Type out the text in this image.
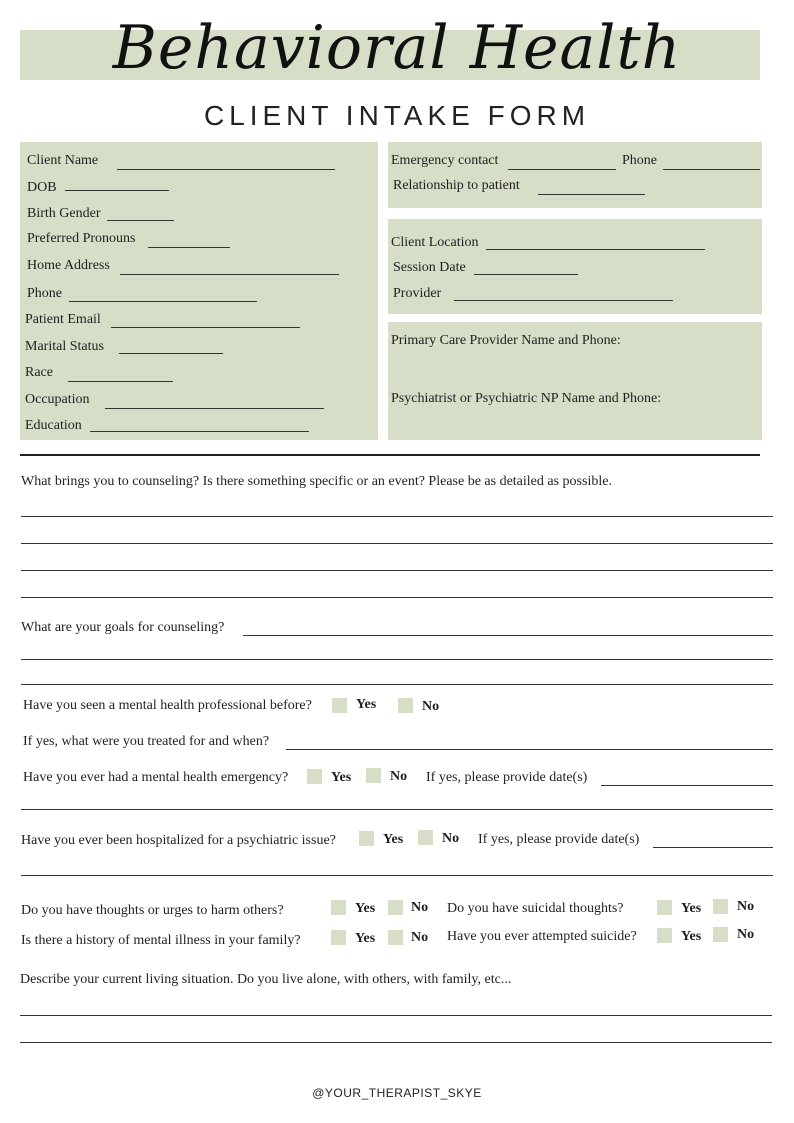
Behavioral Health
CLIENT INTAKE FORM
Client Name
DOB
Birth Gender
Preferred Pronouns
Home Address
Phone
Patient Email
Marital Status
Race
Occupation
Education
Emergency contact	Phone
Relationship to patient
Client Location
Session Date
Provider
Primary Care Provider Name and Phone:
Psychiatrist or Psychiatric NP Name and Phone:
What brings you to counseling? Is there something specific or an event? Please be as detailed as possible.
What are your goals for counseling?
Have you seen a mental health professional before?	Yes	No
If yes, what were you treated for and when?
Have you ever had a mental health emergency?	Yes	No If yes, please provide date(s)
Have you ever been hospitalized for a psychiatric issue?	Yes	No If yes, please provide date(s)
Do you have thoughts or urges to harm others?	Yes	No Do you have suicidal thoughts?	Yes	No
Is there a history of mental illness in your family?	Yes	No Have you ever attempted suicide?	Yes	No
Describe your current living situation. Do you live alone, with others, with family, etc...
@YOUR_THERAPIST_SKYE
